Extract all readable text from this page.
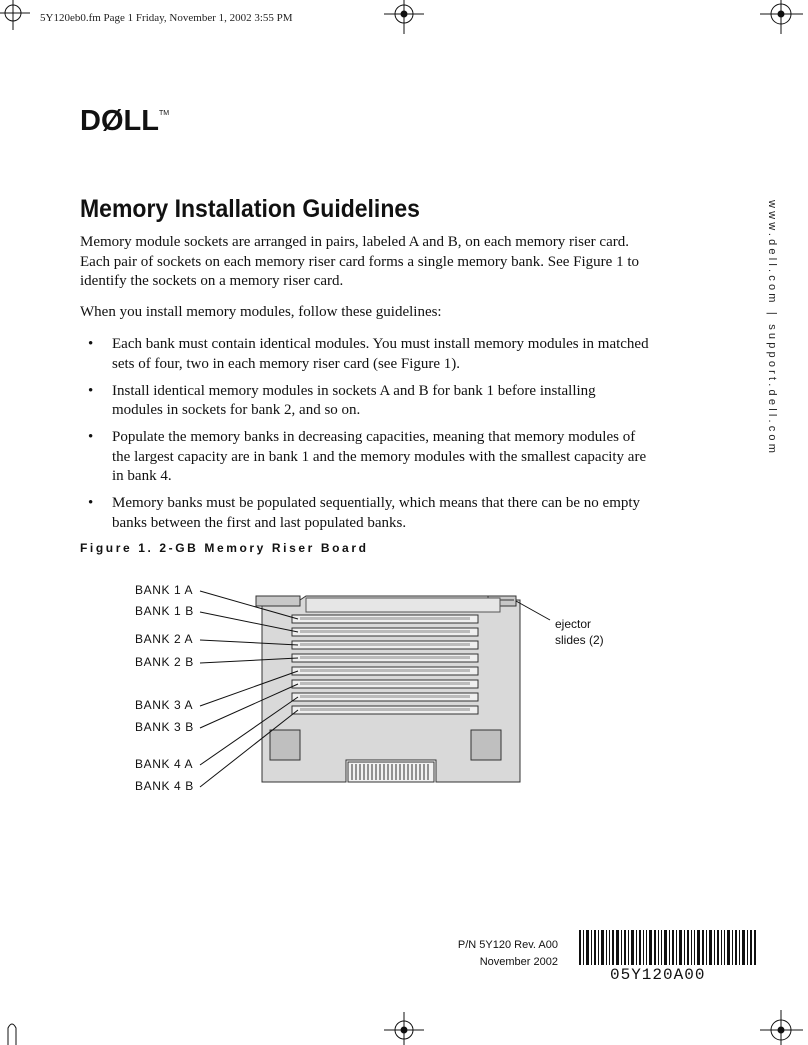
5Y120eb0.fm Page 1 Friday, November 1, 2002 3:55 PM
DØLL™
www.dell.com | support.dell.com
Memory Installation Guidelines

Memory module sockets are arranged in pairs, labeled A and B, on each memory riser card. Each pair of sockets on each memory riser card forms a single memory bank. See Figure 1 to identify the sockets on a memory riser card.

When you install memory modules, follow these guidelines:

• Each bank must contain identical modules. You must install memory modules in matched sets of four, two in each memory riser card (see Figure 1).
• Install identical memory modules in sockets A and B for bank 1 before installing modules in sockets for bank 2, and so on.
• Populate the memory banks in decreasing capacities, meaning that memory modules of the largest capacity are in bank 1 and the memory modules with the smallest capacity are in bank 4.
• Memory banks must be populated sequentially, which means that there can be no empty banks between the first and last populated banks.
Figure 1. 2-GB Memory Riser Board
BANK 1 A
BANK 1 B
BANK 2 A
BANK 2 B
BANK 3 A
BANK 3 B
BANK 4 A
BANK 4 B
ejector
slides (2)
P/N 5Y120 Rev. A00
November 2002
05Y120A00
